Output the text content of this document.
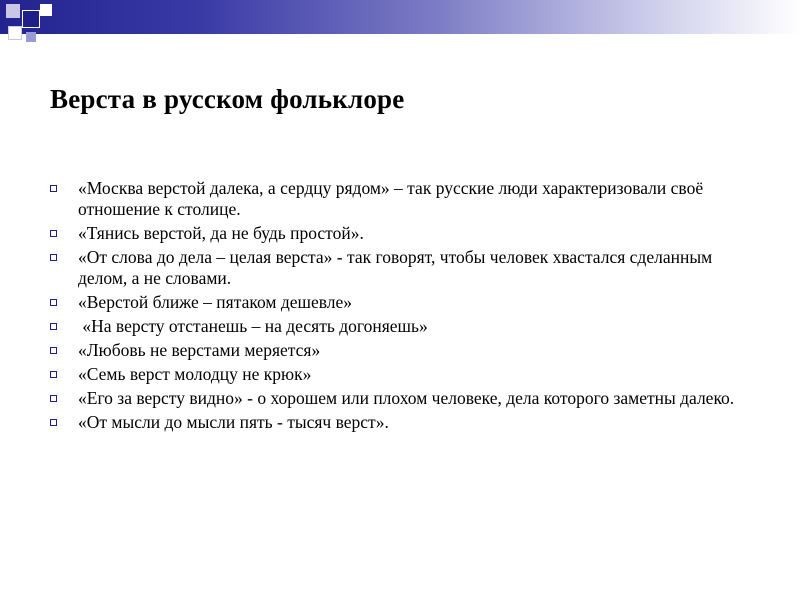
Верста в русском фольклоре
«Москва верстой далека, а сердцу рядом» – так русские люди характеризовали своё отношение к столице.
«Тянись верстой, да не будь простой».
«От слова до дела – целая верста» - так говорят, чтобы человек хвастался сделанным делом, а не словами.
«Верстой ближе – пятаком дешевле»
«На версту отстанешь – на десять догоняешь»
«Любовь не верстами меряется»
«Семь верст молодцу не крюк»
«Его за версту видно» - о хорошем или плохом человеке, дела которого заметны далеко.
«От мысли до мысли пять - тысяч верст».
